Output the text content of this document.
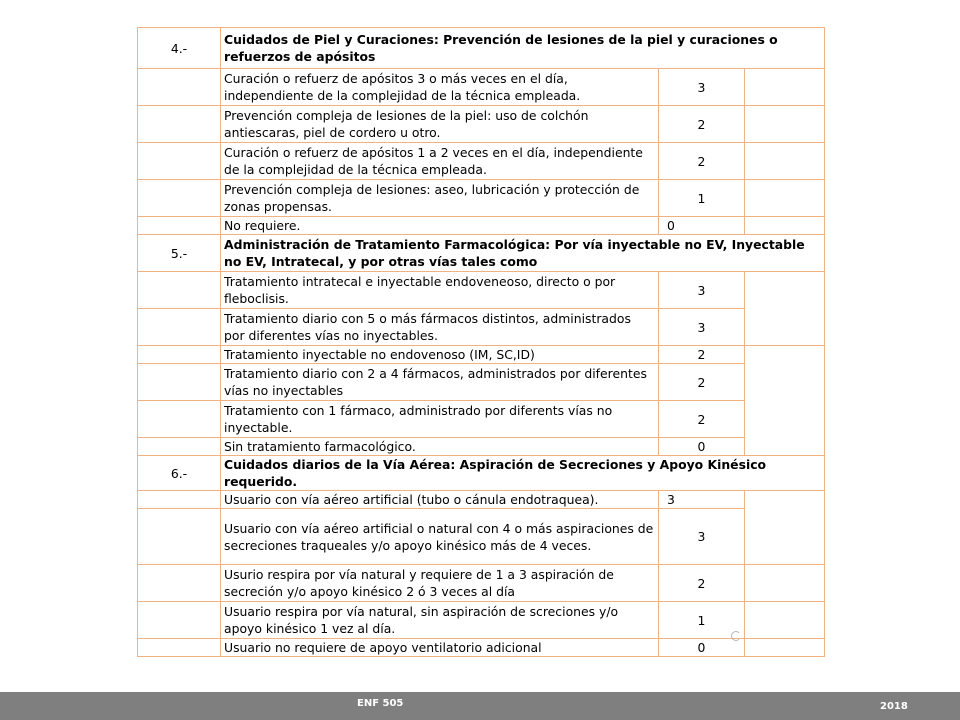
4.-	Cuidados de Piel y Curaciones: Prevención de lesiones de la piel y curaciones o refuerzos de apósitos		
	Curación o refuerz de apósitos 3 o más veces en el día, independiente de la complejidad de la técnica empleada.	3	
	Prevención compleja de lesiones de la piel: uso de colchón antiescaras, piel de cordero u otro.	2	
	Curación o refuerz de apósitos 1 a 2 veces en el día, independiente de la complejidad de la técnica empleada.	2	
	Prevención compleja de lesiones: aseo, lubricación y protección de zonas propensas.	1	
	No requiere.	0	
5.-	Administración de Tratamiento Farmacológica: Por vía inyectable no EV, Inyectable no EV, Intratecal, y por otras vías tales como		
	Tratamiento intratecal e inyectable endoveneoso, directo o por fleboclisis.	3	
	Tratamiento diario con 5 o más fármacos distintos, administrados por diferentes vías no inyectables.	3	
	Tratamiento inyectable no endovenoso (IM, SC,ID)	2	
	Tratamiento diario con 2 a 4 fármacos, administrados por diferentes vías no inyectables	2	
	Tratamiento con 1 fármaco, administrado por diferents vías no inyectable.	2	
	Sin tratamiento farmacológico.	0	
6.-	Cuidados diarios de la Vía Aérea: Aspiración de Secreciones y Apoyo Kinésico requerido.		
	Usuario con vía aéreo artificial (tubo o cánula endotraquea).	3	
	Usuario con vía aéreo artificial o natural con 4 o más aspiraciones de secreciones traqueales y/o apoyo kinésico más de 4 veces.	3	
	Usurio respira por vía natural y requiere de 1 a 3 aspiración de secreción y/o apoyo kinésico 2 ó 3 veces al día	2	
	Usuario respira por vía natural, sin aspiración de screciones y/o apoyo kinésico 1 vez al día.	1	
	Usuario no requiere de apoyo ventilatorio adicional	0	
ENF 505	2018
